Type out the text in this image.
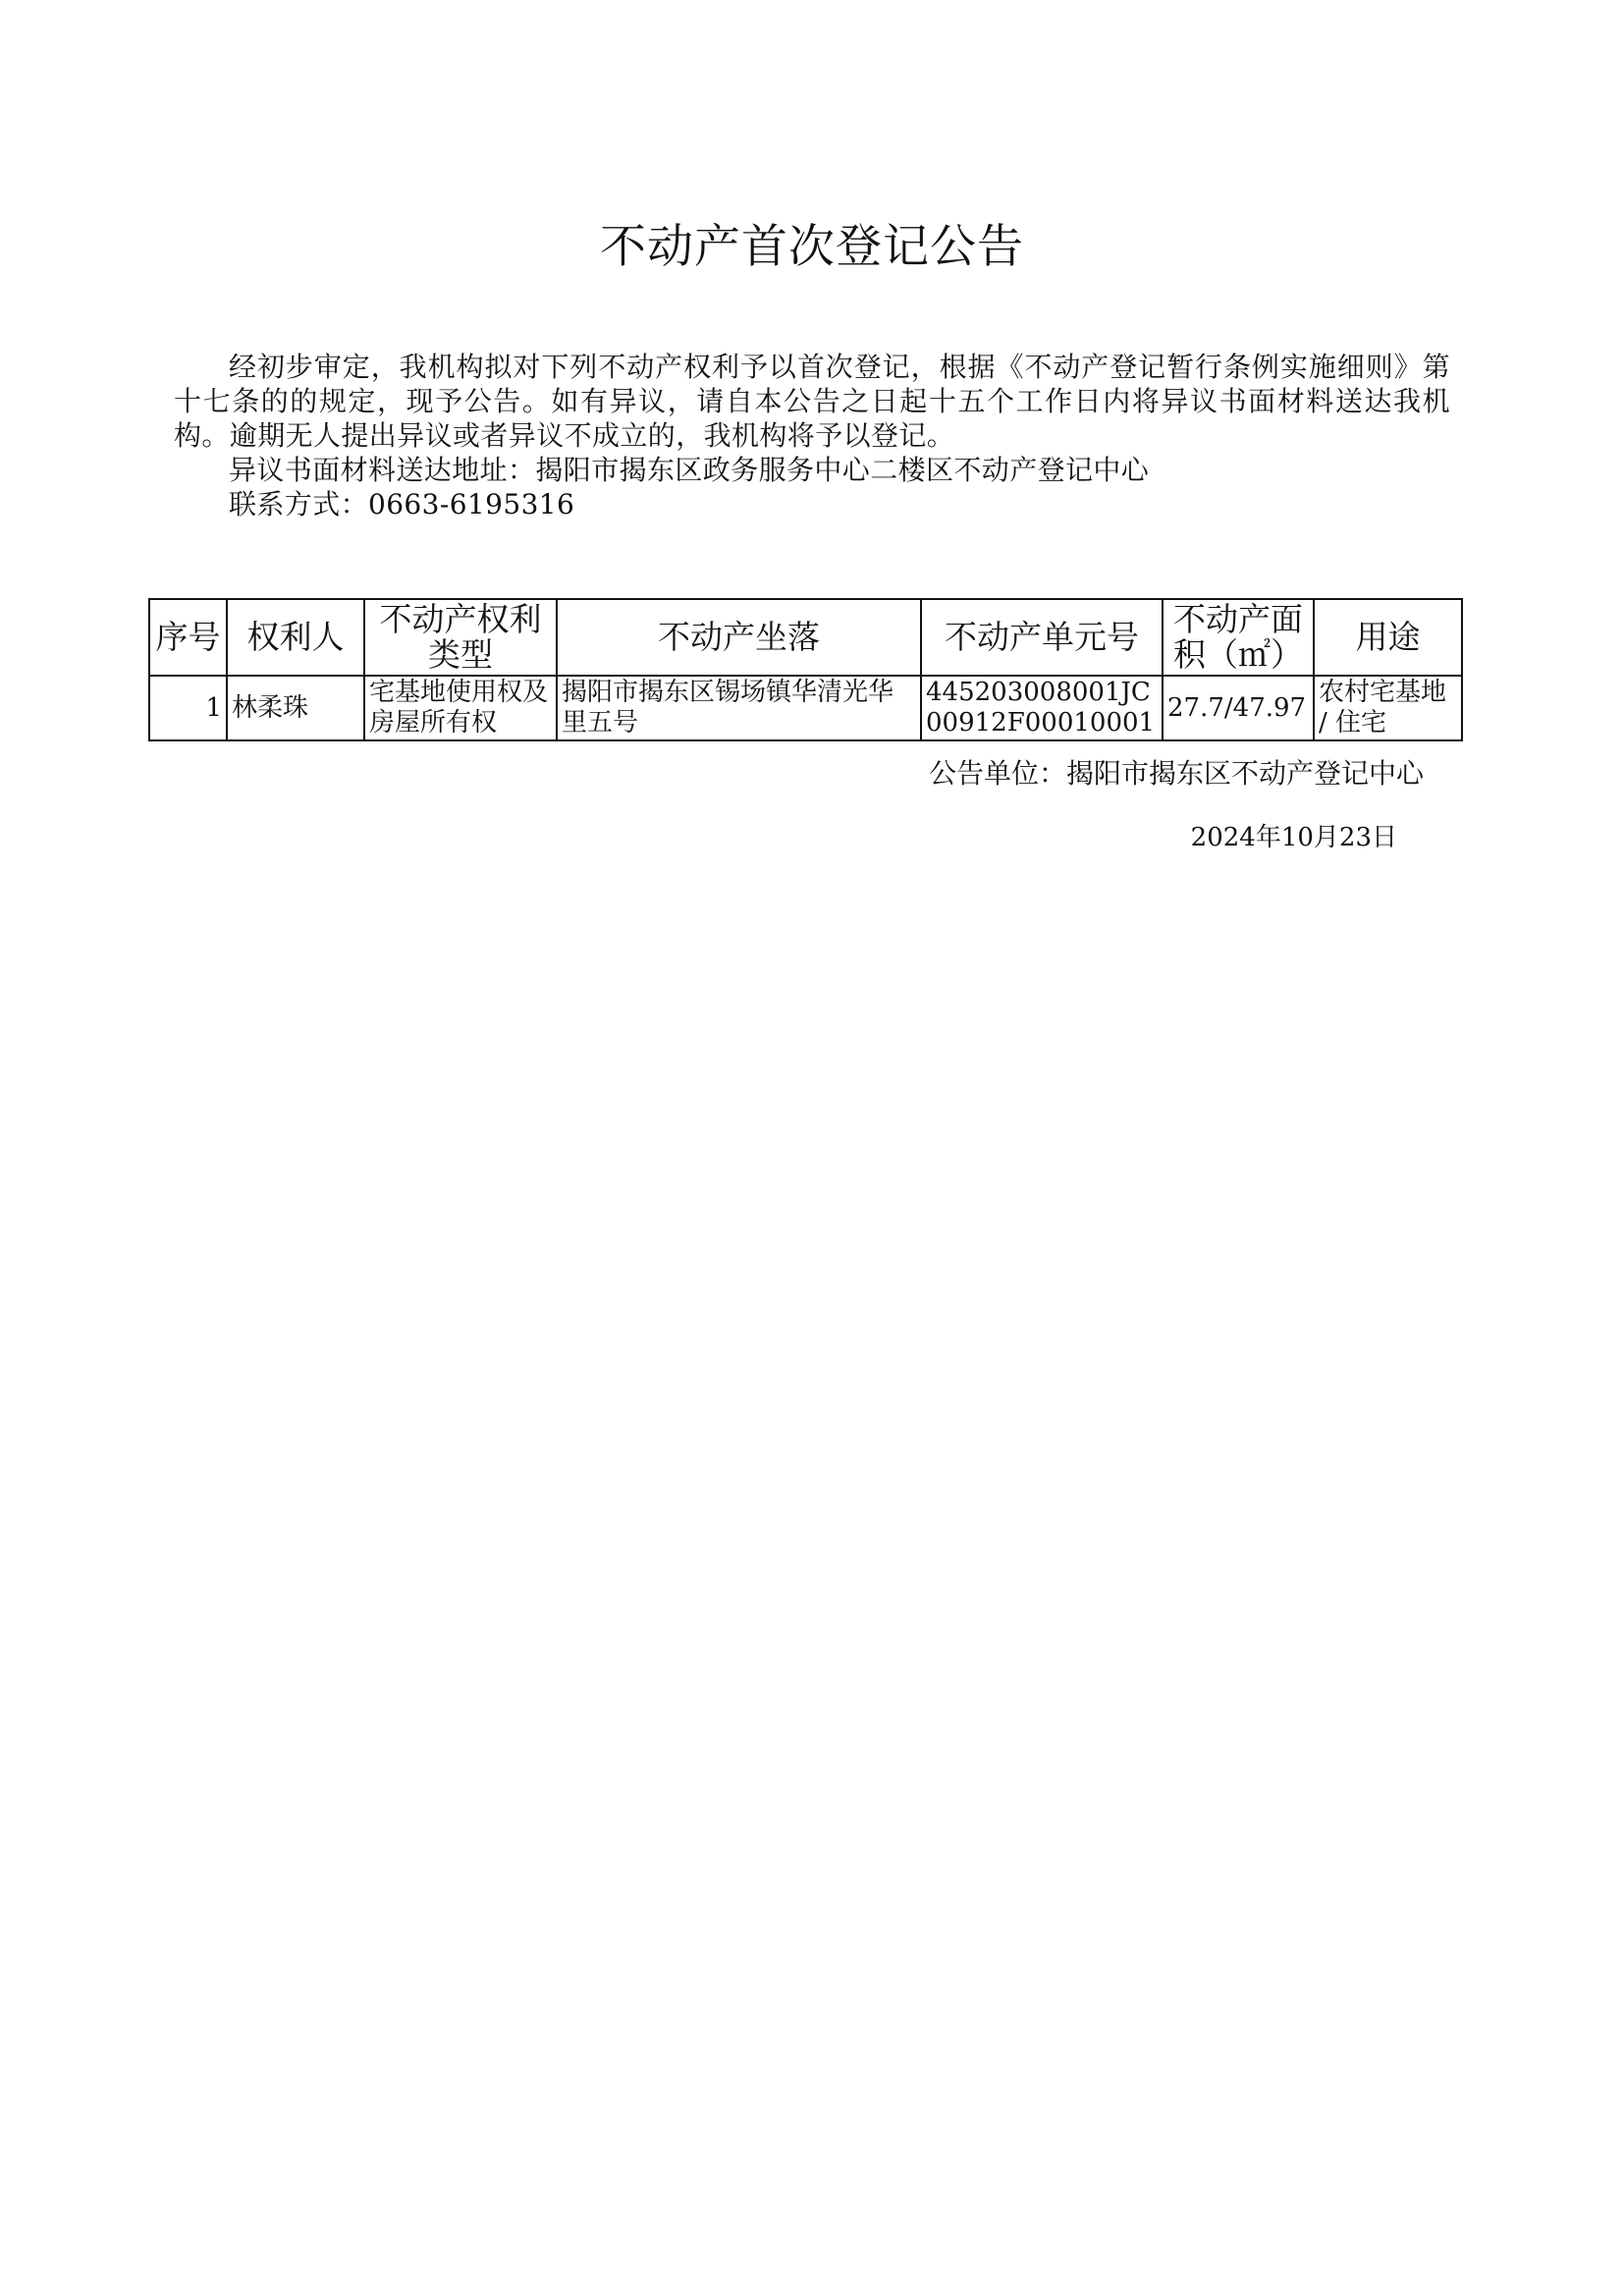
不动产首次登记公告

经初步审定，我机构拟对下列不动产权利予以首次登记，根据《不动产登记暂行条例实施细则》第十七条的的规定，现予公告。如有异议，请自本公告之日起十五个工作日内将异议书面材料送达我机构。逾期无人提出异议或者异议不成立的，我机构将予以登记。

异议书面材料送达地址：揭阳市揭东区政务服务中心二楼区不动产登记中心

联系方式：0663-6195316

序号	权利人	不动产权利类型	不动产坐落	不动产单元号	不动产面积（㎡）	用途
1	林柔珠	宅基地使用权及房屋所有权	揭阳市揭东区锡场镇华清光华里五号	445203008001JC00912F00010001	27.7/47.97	农村宅基地 / 住宅
公告单位：揭阳市揭东区不动产登记中心
2024年10月23日
